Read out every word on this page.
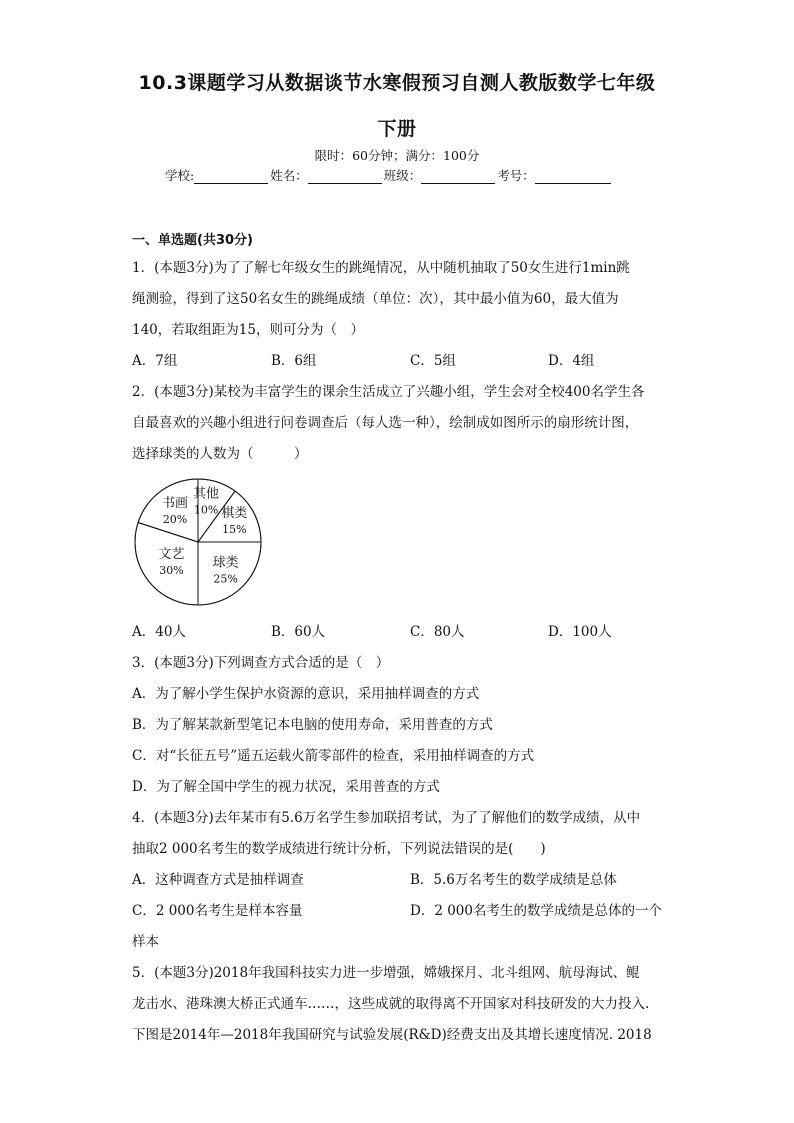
10.3课题学习从数据谈节水寒假预习自测人教版数学七年级
下册
限时：60分钟；满分：100分
学校:	姓名：	班级：	考号：
一、单选题(共30分)
1．(本题3分)为了了解七年级女生的跳绳情况，从中随机抽取了50女生进行1min跳
绳测验，得到了这50名女生的跳绳成绩（单位：次），其中最小值为60，最大值为
140，若取组距为15，则可分为（　）
A．7组	B．6组	C．5组	D．4组
2．(本题3分)某校为丰富学生的课余生活成立了兴趣小组，学生会对全校400名学生各
自最喜欢的兴趣小组进行问卷调查后（每人选一种），绘制成如图所示的扇形统计图，
选择球类的人数为（　　　）
其他
10% 棋类
15%
球类
25%
文艺
30%
书画
20%
A．40人	B．60人	C．80人	D．100人
3．(本题3分)下列调查方式合适的是（　）
A．为了解小学生保护水资源的意识，采用抽样调查的方式
B．为了解某款新型笔记本电脑的使用寿命，采用普查的方式
C．对“长征五号”遥五运载火箭零部件的检查，采用抽样调查的方式
D．为了解全国中学生的视力状况，采用普查的方式
4．(本题3分)去年某市有5.6万名学生参加联招考试，为了了解他们的数学成绩，从中
抽取2 000名考生的数学成绩进行统计分析，下列说法错误的是(　　)
A．这种调查方式是抽样调查	B．5.6万名考生的数学成绩是总体
C．2 000名考生是样本容量	D．2 000名考生的数学成绩是总体的一个
样本
5．(本题3分)2018年我国科技实力进一步增强，嫦娥探月、北斗组网、航母海试、鲲
龙击水、港珠澳大桥正式通车……，这些成就的取得离不开国家对科技研发的大力投入.
下图是2014年—2018年我国研究与试验发展(R&D)经费支出及其增长速度情况. 2018
